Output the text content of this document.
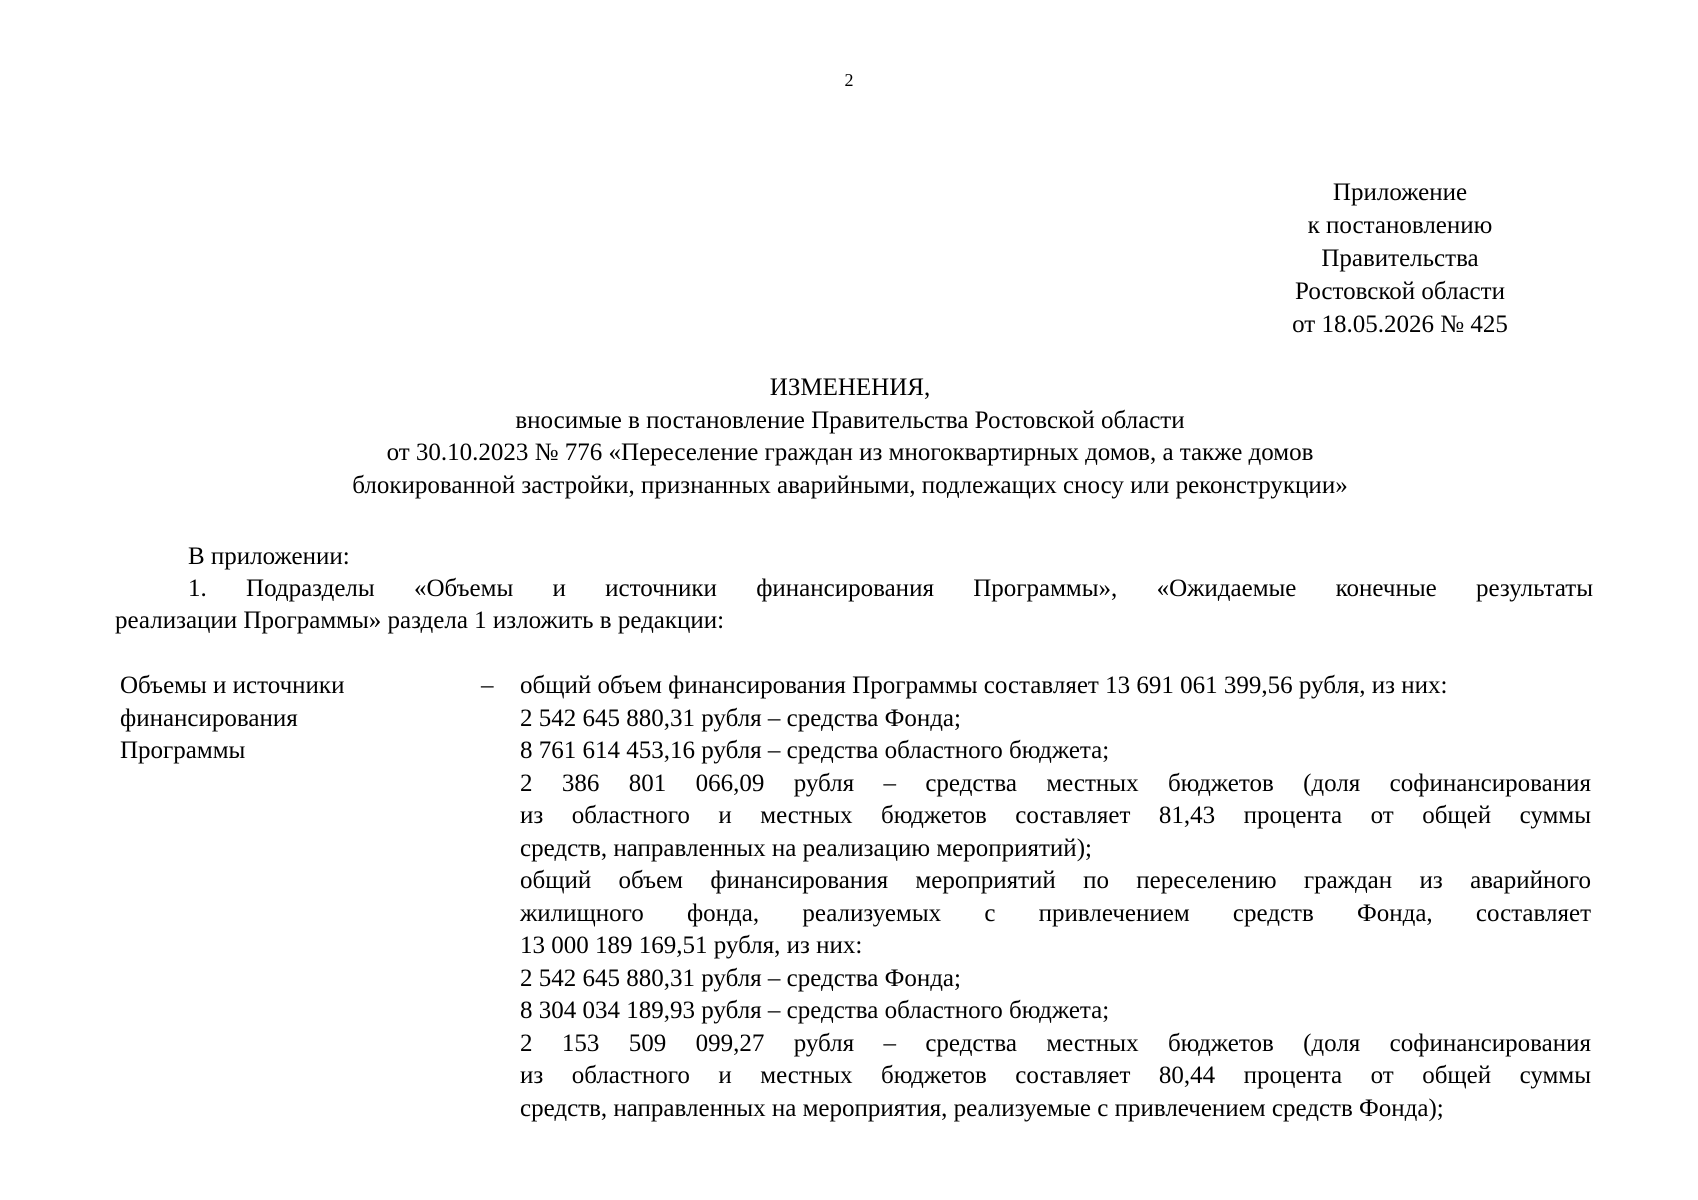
2
Приложение
к постановлению
Правительства
Ростовской области
от 18.05.2026 № 425
ИЗМЕНЕНИЯ,
вносимые в постановление Правительства Ростовской области
от 30.10.2023 № 776 «Переселение граждан из многоквартирных домов, а также домов
блокированной застройки, признанных аварийными, подлежащих сносу или реконструкции»
В приложении:
1. Подразделы «Объемы и источники финансирования Программы», «Ожидаемые конечные результаты
реализации Программы» раздела 1 изложить в редакции:
Объемы и источники
финансирования
Программы
– общий объем финансирования Программы составляет 13 691 061 399,56 рубля, из них:
2 542 645 880,31 рубля – средства Фонда;
8 761 614 453,16 рубля – средства областного бюджета;
2 386 801 066,09 рубля – средства местных бюджетов (доля софинансирования
из областного и местных бюджетов составляет 81,43 процента от общей суммы
средств, направленных на реализацию мероприятий);
общий объем финансирования мероприятий по переселению граждан из аварийного
жилищного фонда, реализуемых с привлечением средств Фонда, составляет
13 000 189 169,51 рубля, из них:
2 542 645 880,31 рубля – средства Фонда;
8 304 034 189,93 рубля – средства областного бюджета;
2 153 509 099,27 рубля – средства местных бюджетов (доля софинансирования
из областного и местных бюджетов составляет 80,44 процента от общей суммы
средств, направленных на мероприятия, реализуемые с привлечением средств Фонда);
